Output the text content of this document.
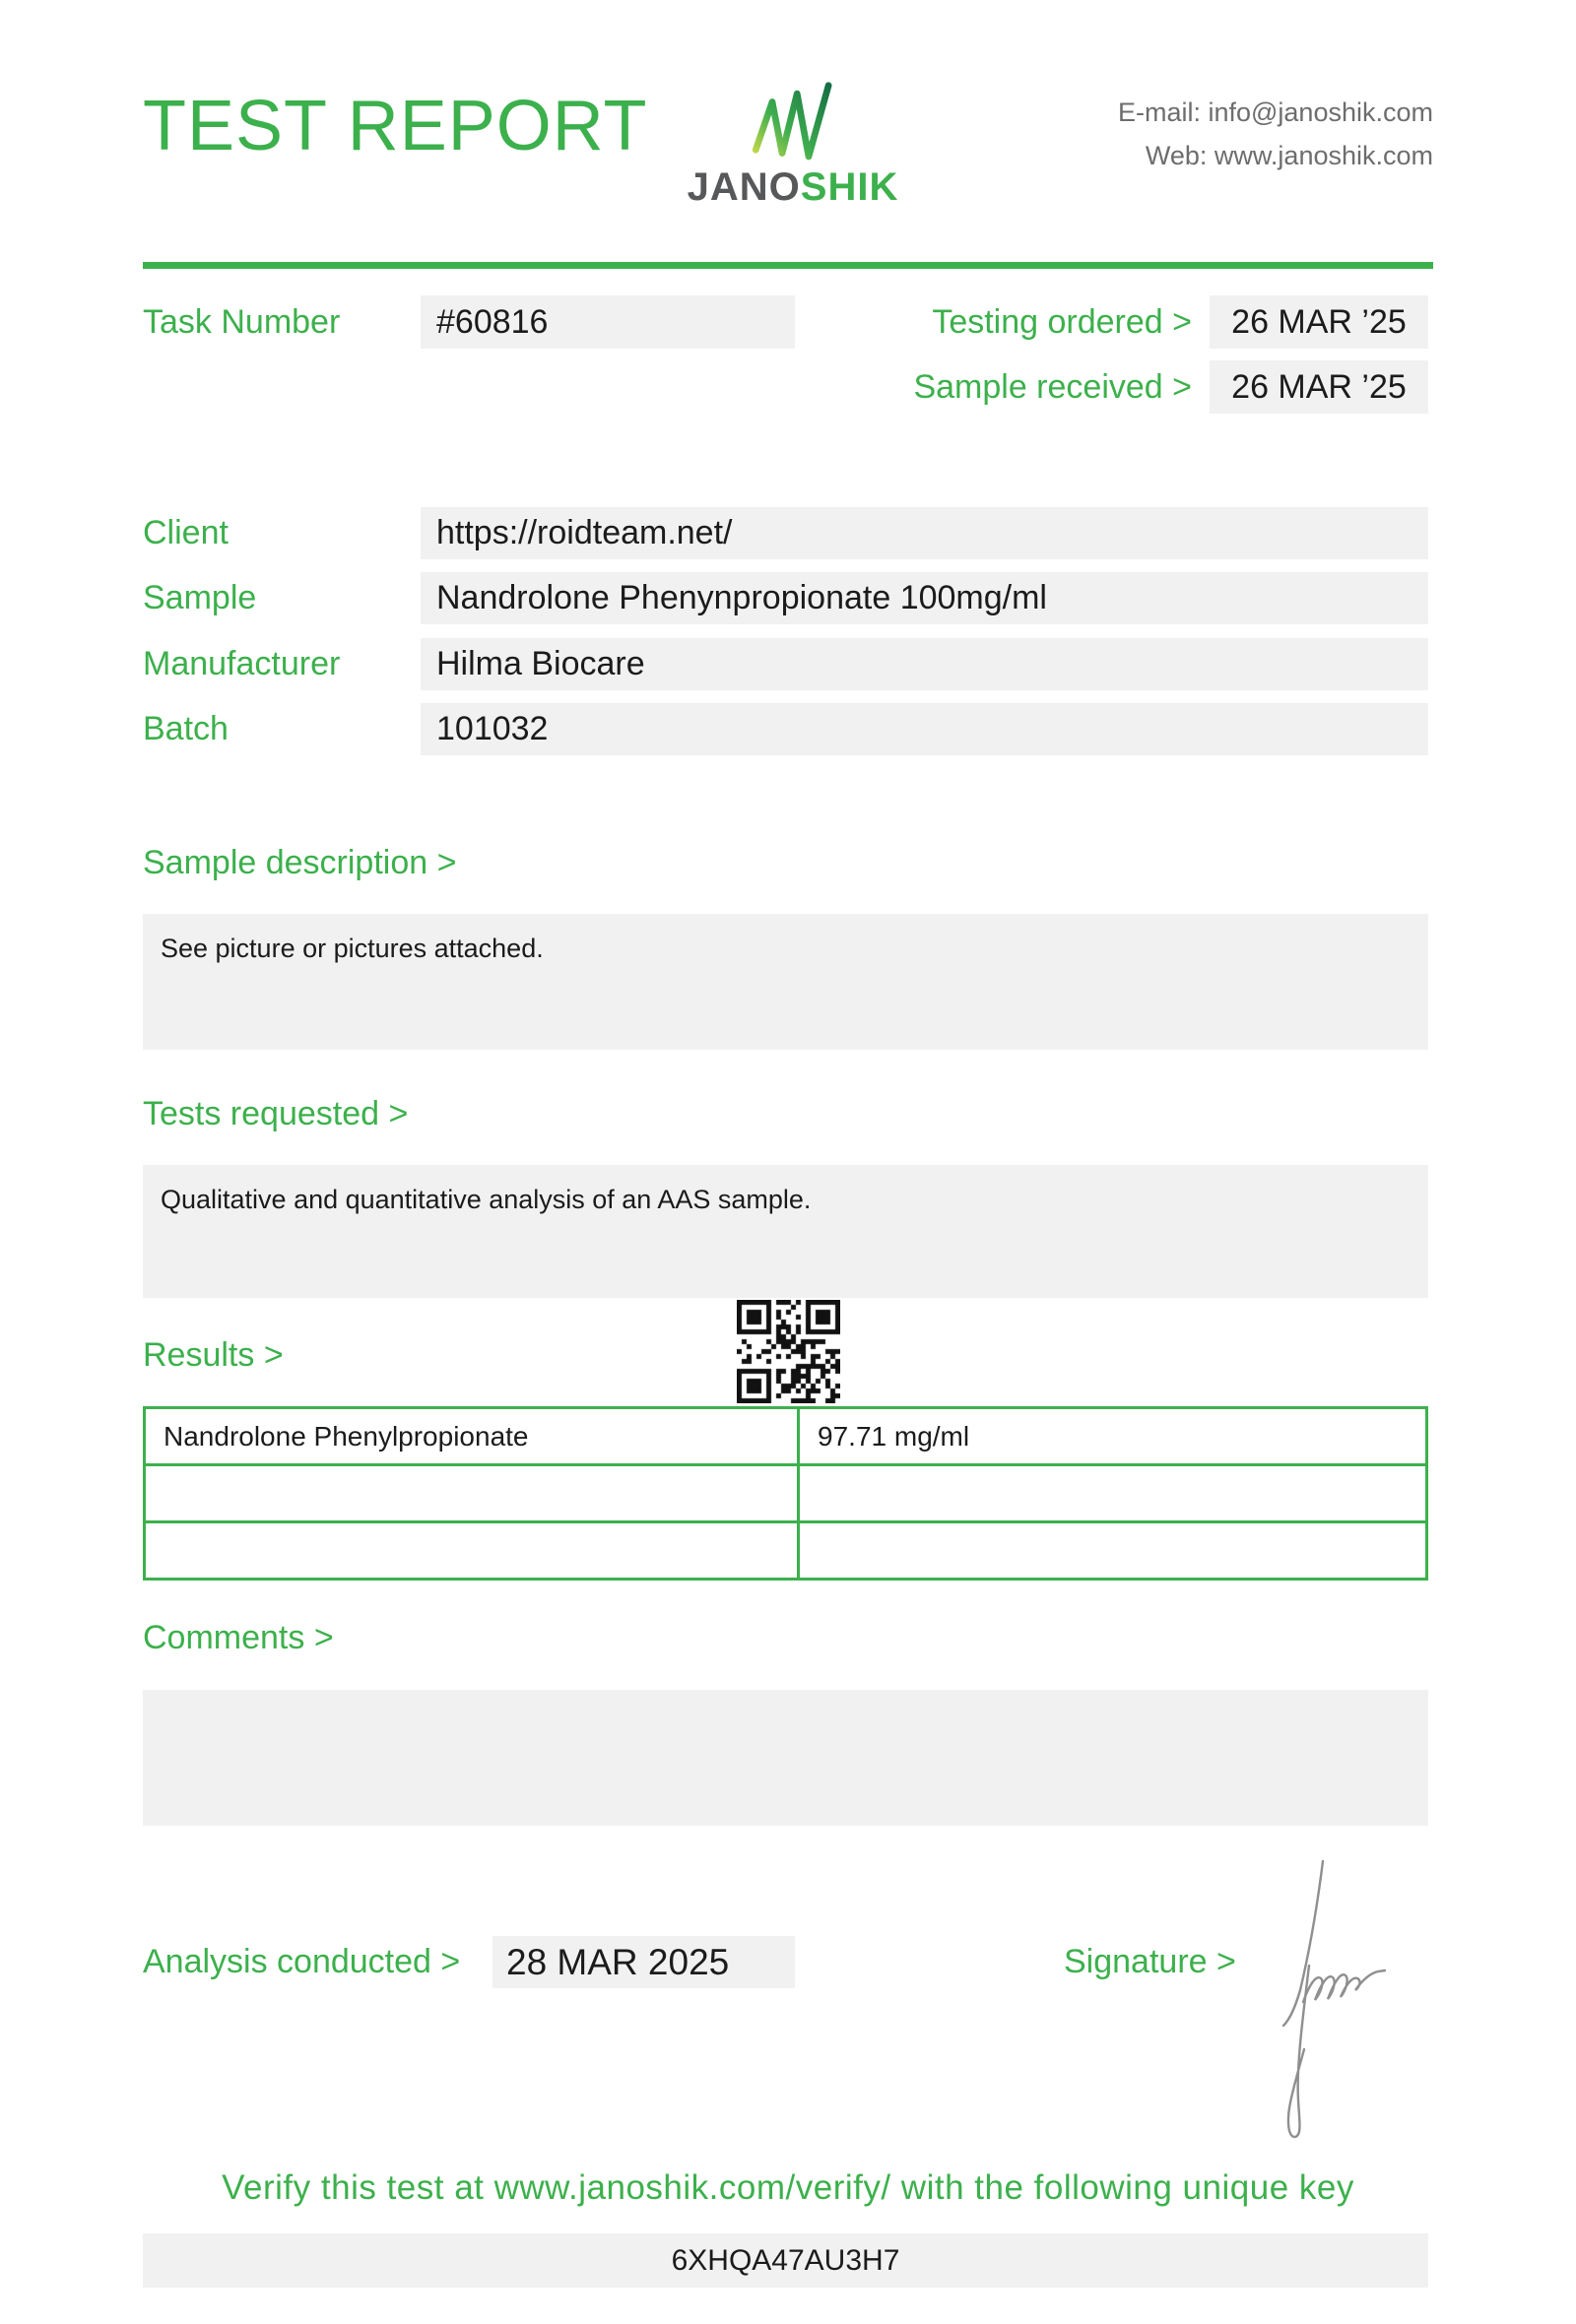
TEST REPORT
JANOSHIK
E-mail: info@janoshik.com
Web: www.janoshik.com
Task Number	#60816	Testing ordered >	26 MAR ’25
Sample received >	26 MAR ’25
Client	https://roidteam.net/
Sample	Nandrolone Phenynpropionate 100mg/ml
Manufacturer	Hilma Biocare
Batch	101032
Sample description >
See picture or pictures attached.
Tests requested >
Qualitative and quantitative analysis of an AAS sample.
Results >
Nandrolone Phenylpropionate	97.71 mg/ml

Comments >
Analysis conducted >	28 MAR 2025	Signature >
Verify this test at www.janoshik.com/verify/ with the following unique key
6XHQA47AU3H7
